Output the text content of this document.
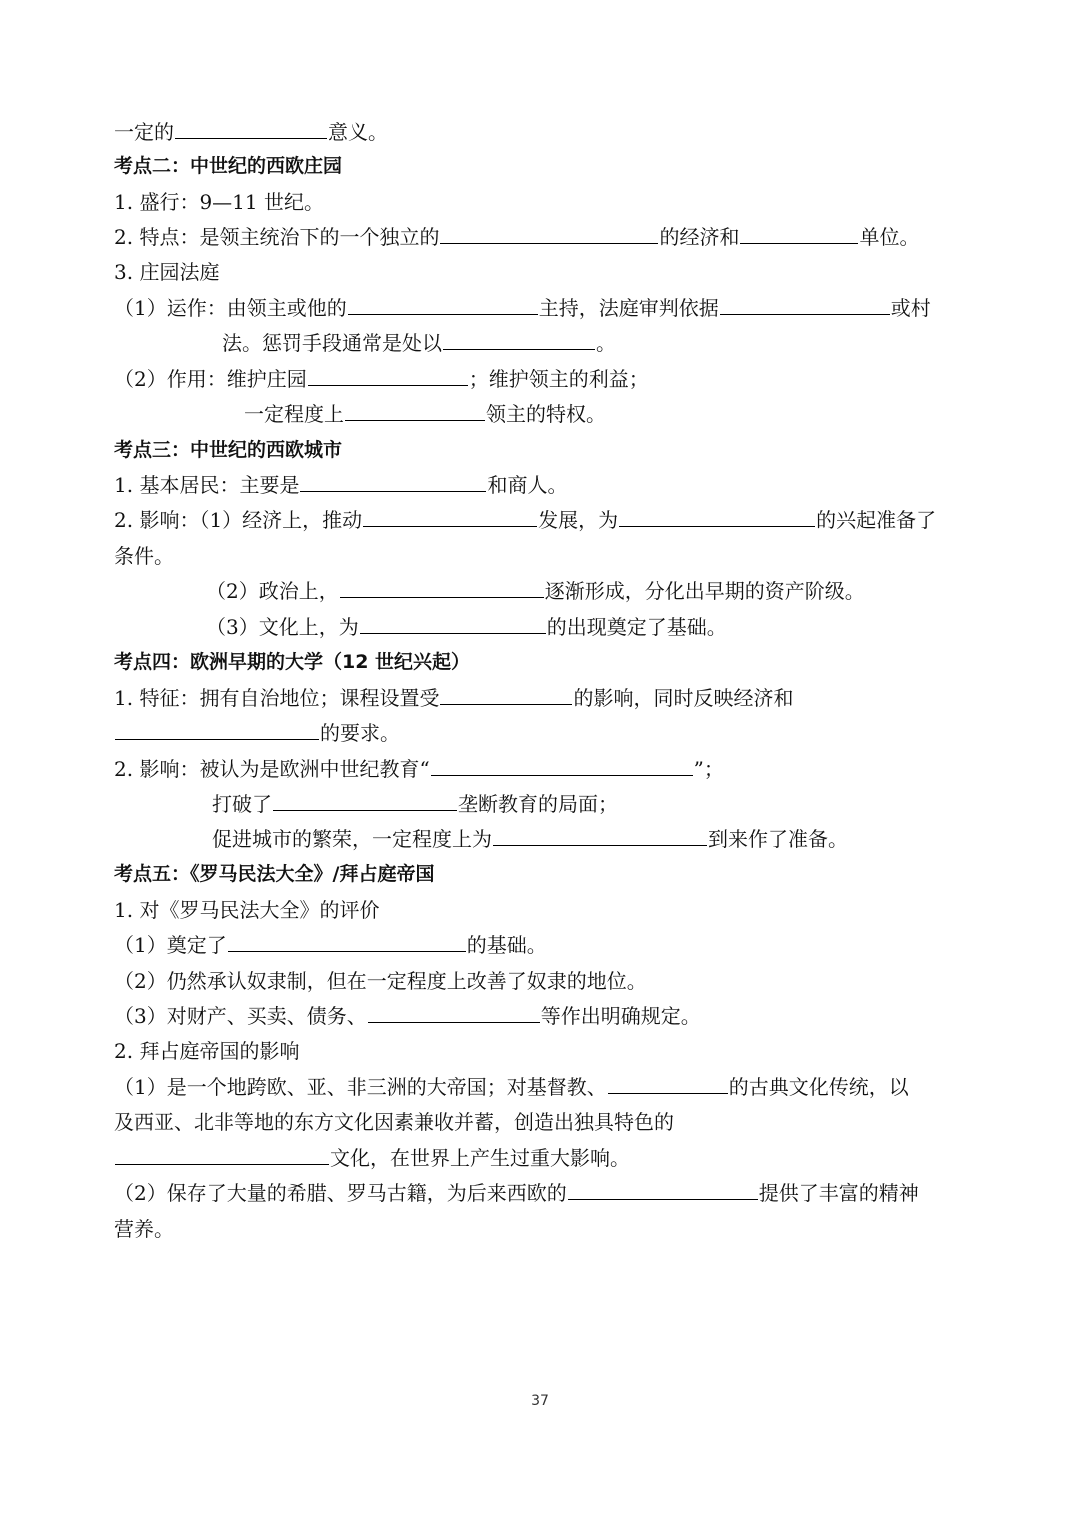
一定的	意义。
考点二：中世纪的西欧庄园
1. 盛行：9—11 世纪。
2. 特点：是领主统治下的一个独立的	的经济和	单位。
3. 庄园法庭
（1）运作：由领主或他的	主持，法庭审判依据	或村
法。惩罚手段通常是处以	。
（2）作用：维护庄园	；维护领主的利益；
一定程度上	领主的特权。
考点三：中世纪的西欧城市
1. 基本居民：主要是	和商人。
2. 影响：（1）经济上，推动	发展，为	的兴起准备了
条件。
（2）政治上，	逐渐形成，分化出早期的资产阶级。
（3）文化上，为	的出现奠定了基础。
考点四：欧洲早期的大学（12 世纪兴起）
1. 特征：拥有自治地位；课程设置受	的影响，同时反映经济和
的要求。
2. 影响：被认为是欧洲中世纪教育“	”；
打破了	垄断教育的局面；
促进城市的繁荣，一定程度上为	到来作了准备。
考点五：《罗马民法大全》/拜占庭帝国
1. 对《罗马民法大全》的评价
（1）奠定了	的基础。
（2）仍然承认奴隶制，但在一定程度上改善了奴隶的地位。
（3）对财产、买卖、债务、	等作出明确规定。
2. 拜占庭帝国的影响
（1）是一个地跨欧、亚、非三洲的大帝国；对基督教、	的古典文化传统，以
及西亚、北非等地的东方文化因素兼收并蓄，创造出独具特色的
文化，在世界上产生过重大影响。
（2）保存了大量的希腊、罗马古籍，为后来西欧的	提供了丰富的精神
营养。
37
